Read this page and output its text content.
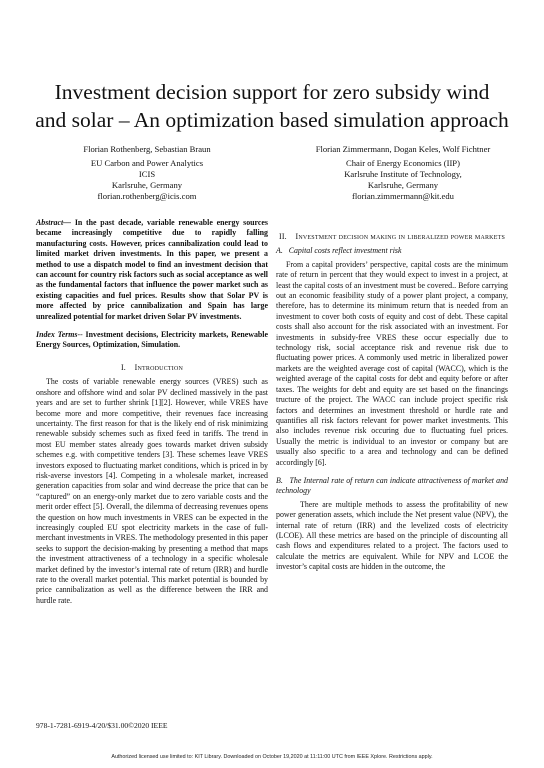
Investment decision support for zero subsidy wind
and solar – An optimization based simulation approach
Florian Rothenberg, Sebastian Braun
EU Carbon and Power Analytics
ICIS
Karlsruhe, Germany
florian.rothenberg@icis.com
Florian Zimmermann, Dogan Keles, Wolf Fichtner
Chair of Energy Economics (IIP)
Karlsruhe Institute of Technology,
Karlsruhe, Germany
florian.zimmermann@kit.edu

Abstract— In the past decade, variable renewable energy sources became increasingly competitive due to rapidly falling manufacturing costs. However, prices cannibalization could lead to limited market driven investments. In this paper, we present a method to use a dispatch model to find an investment decision that can account for country risk factors such as social acceptance as well as the fundamental factors that influence the power market such as existing capacities and fuel prices. Results show that Solar PV is more affected by price cannibalization and Spain has large unrealized potential for market driven Solar PV investments.

Index Terms-- Investment decisions, Electricity markets, Renewable Energy Sources, Optimization, Simulation.

I. Introduction

The costs of variable renewable energy sources (VRES) such as onshore and offshore wind and solar PV declined massively in the past years and are set to further shrink [1][2]. However, while VRES have become more and more competitive, their revenues face increasing uncertainty. The first reason for that is the likely end of risk minimizing renewable subsidy schemes such as fixed feed in tariffs. The trend in most EU member states already goes towards market driven subsidy schemes e.g. with competitive tenders [3]. These schemes leave VRES investors exposed to fluctuating market conditions, which is priced in by risk-averse investors [4]. Competing in a wholesale market, increased generation capacities from solar and wind decrease the price that can be “captured” on an energy-only market due to zero variable costs and the merit order effect [5]. Overall, the dilemma of decreasing revenues opens the question on how much investments in VRES can be expected in the increasingly coupled EU spot electricity markets in the case of full-merchant investments in VRES. The methodology presented in this paper seeks to support the decision-making by presenting a method that maps the investment attractiveness of a technology in a specific wholesale market defined by the investor’s internal rate of return (IRR) and hurdle rate to the overall market potential. This market potential is bounded by price cannibalization as well as the difference between the IRR and hurdle rate.

II. Investment decision making in liberalized power markets

A. Capital costs reflect investment risk

From a capital providers’ perspective, capital costs are the minimum rate of return in percent that they would expect to invest in a project, at least the capital costs of an investment must be covered.. Before carrying out an economic feasibility study of a power plant project, a company, therefore, has to determine its minimum return that is needed from an investment to cover both costs of equity and cost of debt. These capital costs shall also account for the risk associated with an investment. For investments in subsidy-free VRES these occur especially due to technology risk, social acceptance risk and revenue risk due to fluctuating power prices. A commonly used metric in liberalized power markets are the weighted average cost of capital (WACC), which is the weighted average of the capital costs for debt and equity before or after taxes. The weights for debt and equity are set based on the financings tructure of the project. The WACC can include project specific risk factors and determines an investment threshold or hurdle rate and quantifies all risk factors relevant for power market investments. This also includes revenue risk occuring due to fluctuating fuel prices. Usually the metric is individual to an investor or company but are usually also specific to a area and technology and can be defined accordingly [6].

B. The Internal rate of return can indicate attractiveness of market and technology

There are multiple methods to assess the profitability of new power generation assets, which include the Net present value (NPV), the internal rate of return (IRR) and the levelized costs of electricity (LCOE). All these metrics are based on the principle of discounting all cash flows and expenditures related to a project. The factors used to calculate the metrics are equivalent. While for NPV and LCOE the investor’s capital costs are hidden in the outcome, the

978-1-7281-6919-4/20/$31.00©2020 IEEE
Authorized licensed use limited to: KIT Library. Downloaded on October 19,2020 at 11:11:00 UTC from IEEE Xplore. Restrictions apply.
